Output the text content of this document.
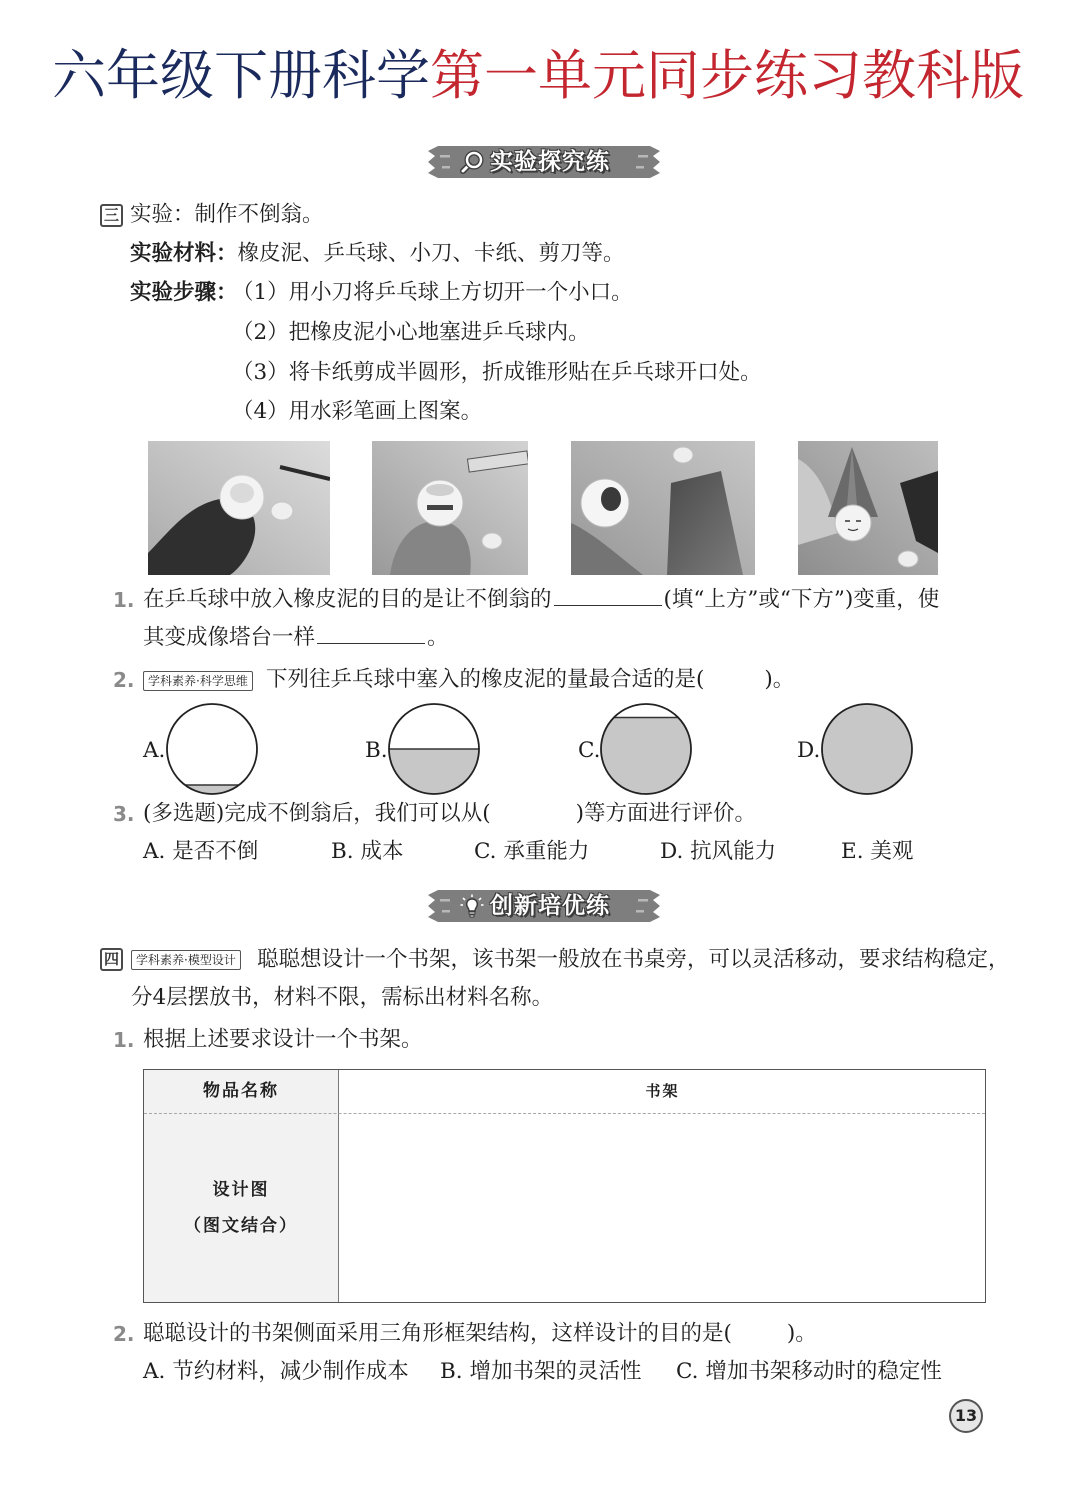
六年级下册科学第一单元同步练习教科版
实验探究练
三 实验：制作不倒翁。
实验材料：橡皮泥、乒乓球、小刀、卡纸、剪刀等。
实验步骤：
（1）用小刀将乒乓球上方切开一个小口。
（2）把橡皮泥小心地塞进乒乓球内。
（3）将卡纸剪成半圆形，折成锥形贴在乒乓球开口处。
（4）用水彩笔画上图案。
1. 在乒乓球中放入橡皮泥的目的是让不倒翁的	(填“上方”或“下方”)变重，使
其变成像塔台一样	。
2.	学科素养·科学思维 下列往乒乓球中塞入的橡皮泥的量最合适的是(	)。
A.	B.	C.	D.
3. (多选题)完成不倒翁后，我们可以从(	)等方面进行评价。
A. 是否不倒	B. 成本	C. 承重能力	D. 抗风能力	E. 美观
创新培优练
四	学科素养·模型设计 聪聪想设计一个书架，该书架一般放在书桌旁，可以灵活移动，要求结构稳定，
分4层摆放书，材料不限，需标出材料名称。
1. 根据上述要求设计一个书架。
物品名称	书架
设计图
（图文结合）
2. 聪聪设计的书架侧面采用三角形框架结构，这样设计的目的是(	)。
A. 节约材料，减少制作成本 B. 增加书架的灵活性 C. 增加书架移动时的稳定性
13
